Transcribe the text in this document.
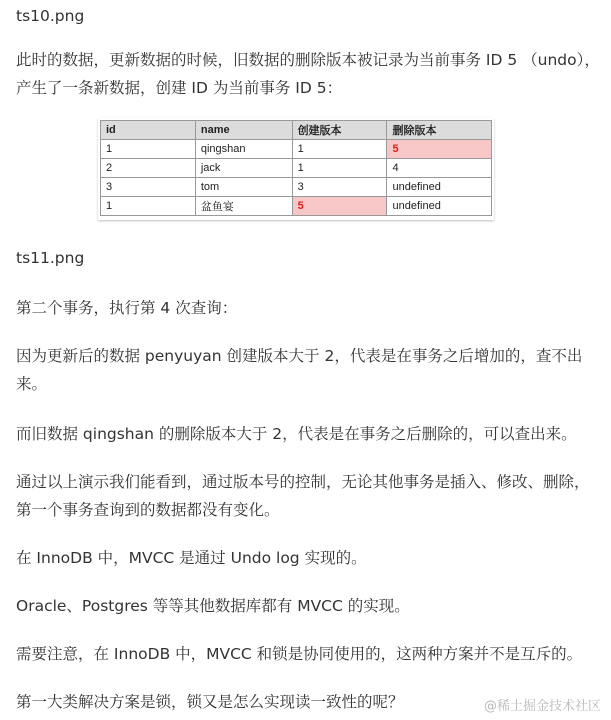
ts10.png

此时的数据，更新数据的时候，旧数据的删除版本被记录为当前事务 ID 5 （undo）， 产生了一条新数据，创建 ID 为当前事务 ID 5：

ts11.png

第二个事务，执行第 4 次查询：

因为更新后的数据 penyuyan 创建版本大于 2，代表是在事务之后增加的，查不出来。

而旧数据 qingshan 的删除版本大于 2，代表是在事务之后删除的，可以查出来。

通过以上演示我们能看到，通过版本号的控制，无论其他事务是插入、修改、删除， 第一个事务查询到的数据都没有变化。

在 InnoDB 中，MVCC 是通过 Undo log 实现的。

Oracle、Postgres 等等其他数据库都有 MVCC 的实现。

需要注意，在 InnoDB 中，MVCC 和锁是协同使用的，这两种方案并不是互斥的。

第一大类解决方案是锁，锁又是怎么实现读一致性的呢？

id	name	创建版本	删除版本
1	qingshan	1	5
2	jack	1	4
3	tom	3	undefined
1	盆鱼宴	5	undefined
@稀土掘金技术社区
